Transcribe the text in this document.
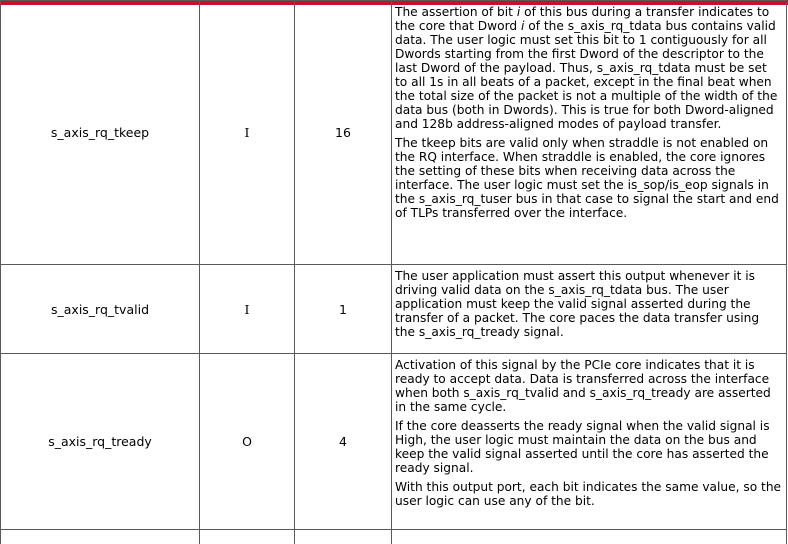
s_axis_rq_tkeep	I	16	The assertion of bit i of this bus during a transfer indicates to the core that Dword i of the s_axis_rq_tdata bus contains valid data. The user logic must set this bit to 1 contiguously for all Dwords starting from the first Dword of the descriptor to the last Dword of the payload. Thus, s_axis_rq_tdata must be set to all 1s in all beats of a packet, except in the final beat when the total size of the packet is not a multiple of the width of the data bus (both in Dwords). This is true for both Dword-aligned and 128b address-aligned modes of payload transfer.

The tkeep bits are valid only when straddle is not enabled on the RQ interface. When straddle is enabled, the core ignores the setting of these bits when receiving data across the interface. The user logic must set the is_sop/is_eop signals in the s_axis_rq_tuser bus in that case to signal the start and end of TLPs transferred over the interface.

s_axis_rq_tvalid	I	1	The user application must assert this output whenever it is driving valid data on the s_axis_rq_tdata bus. The user application must keep the valid signal asserted during the transfer of a packet. The core paces the data transfer using the s_axis_rq_tready signal.

s_axis_rq_tready	O	4	Activation of this signal by the PCIe core indicates that it is ready to accept data. Data is transferred across the interface when both s_axis_rq_tvalid and s_axis_rq_tready are asserted in the same cycle.

If the core deasserts the ready signal when the valid signal is High, the user logic must maintain the data on the bus and keep the valid signal asserted until the core has asserted the ready signal.

With this output port, each bit indicates the same value, so the user logic can use any of the bit.
